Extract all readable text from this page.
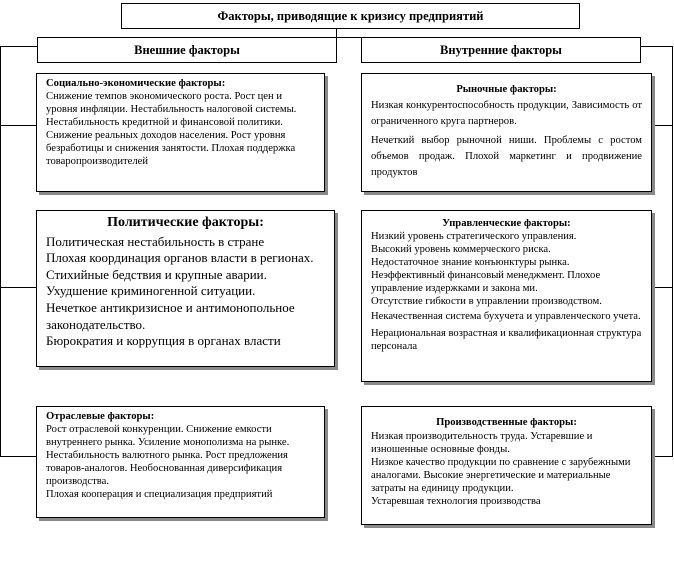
Факторы, приводящие к кризису предприятий
Внешние факторы	Внутренние факторы
Социально-экономические факторы:

Снижение темпов экономического роста. Рост цен и уровня инфляции. Нестабильность налоговой системы. Нестабильность кредитной и финансовой политики.

Снижение реальных доходов населения. Рост уровня безработицы и снижения занятости. Плохая поддержка товаропроизводителей

Политические факторы:

Политическая нестабильность в стране

Плохая координация органов власти в регионах.

Стихийные бедствия и крупные аварии.

Ухудшение криминогенной ситуации.

Нечеткое антикризисное и антимонопольное законодательство.

Бюрократия и коррупция в органах власти

Отраслевые факторы:

Рост отраслевой конкуренции. Снижение емкости внутреннего рынка. Усиление монополизма на рынке. Нестабильность валютного рынка. Рост предложения товаров-аналогов. Необоснованная диверсификация производства.

Плохая кооперация и специализация предприятий

Рыночные факторы:

Низкая конкурентоспособность продукции, Зависимость от ограниченного круга партнеров.

Нечеткий выбор рыночной ниши. Проблемы с ростом объемов продаж. Плохой маркетинг и продвижение продуктов

Управленческие факторы:

Низкий уровень стратегического управления.

Высокий уровень коммерческого риска.

Недостаточное знание конъюнктуры рынка.

Неэффективный финансовый менеджмент. Плохое управление издержками и закона ми.

Отсутствие гибкости в управлении производством.

Некачественная система бухучета и управленческого учета.

Нерациональная возрастная и квалификационная структура персонала

Производственные факторы:

Низкая производительность труда. Устаревшие и изношенные основные фонды.

Низкое качество продукции по сравнение с зарубежными аналогами. Высокие энергетические и материальные затраты на единицу продукции.

Устаревшая технология производства
